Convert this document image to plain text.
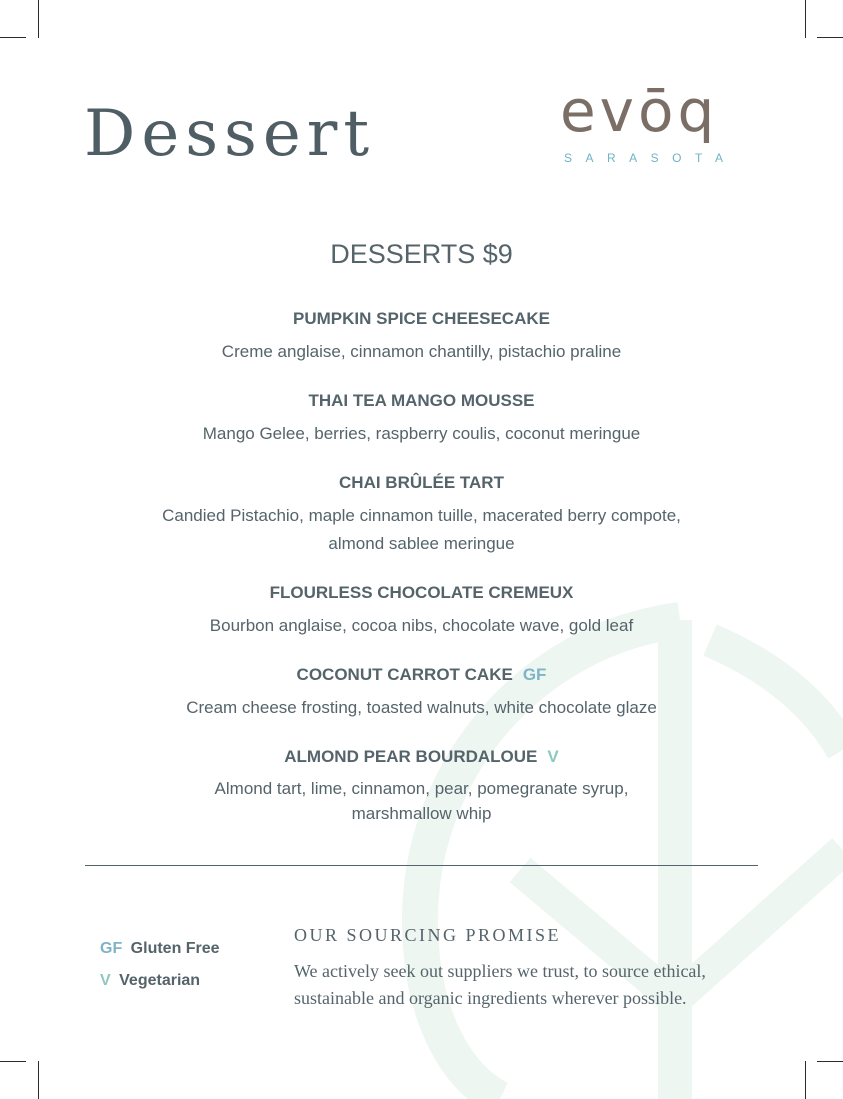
Dessert	evōq
SARASOTA
DESSERTS $9
PUMPKIN SPICE CHEESECAKE
Creme anglaise, cinnamon chantilly, pistachio praline
THAI TEA MANGO MOUSSE
Mango Gelee, berries, raspberry coulis, coconut meringue
CHAI BRÛLÉE TART
Candied Pistachio, maple cinnamon tuille, macerated berry compote, almond sablee meringue
FLOURLESS CHOCOLATE CREMEUX
Bourbon anglaise, cocoa nibs, chocolate wave, gold leaf
COCONUT CARROT CAKE GF
Cream cheese frosting, toasted walnuts, white chocolate glaze
ALMOND PEAR BOURDALOUE V
Almond tart, lime, cinnamon, pear, pomegranate syrup, marshmallow whip
GF Gluten Free
V Vegetarian
OUR SOURCING PROMISE

We actively seek out suppliers we trust, to source ethical, sustainable and organic ingredients wherever possible.
